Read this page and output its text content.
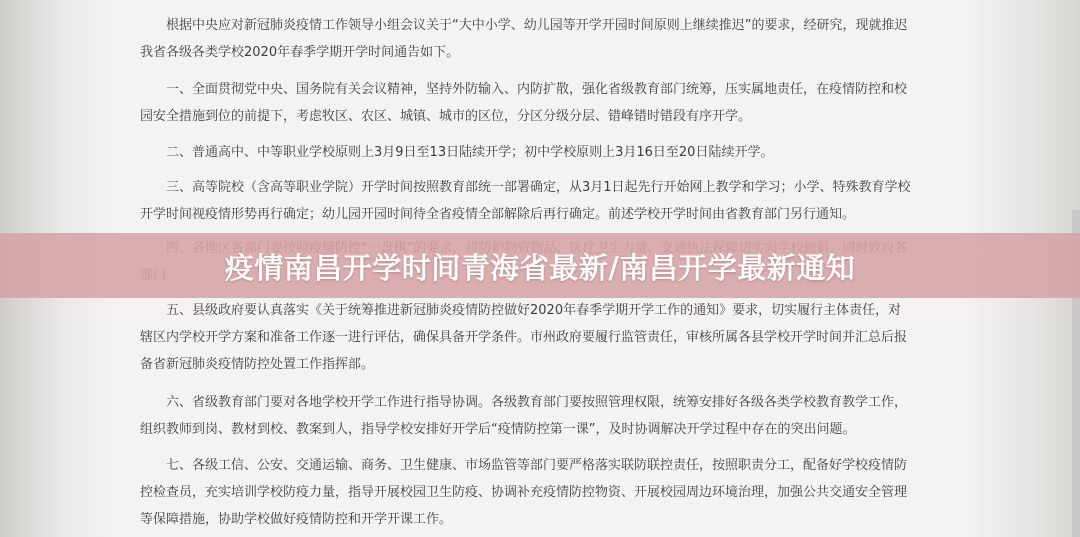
　　根据中央应对新冠肺炎疫情工作领导小组会议关于“大中小学、幼儿园等开学开园时间原则上继续推迟”的要求，经研究，现就推迟
我省各级各类学校2020年春季学期开学时间通告如下。

　　一、全面贯彻党中央、国务院有关会议精神，坚持外防输入、内防扩散，强化省级教育部门统筹，压实属地责任，在疫情防控和校
园安全措施到位的前提下，考虑牧区、农区、城镇、城市的区位，分区分级分层、错峰错时错段有序开学。

　　二、普通高中、中等职业学校原则上3月9日至13日陆续开学；初中学校原则上3月16日至20日陆续开学。

　　三、高等院校（含高等职业学院）开学时间按照教育部统一部署确定，从3月1日起先行开始网上教学和学习；小学、特殊教育学校
开学时间视疫情形势再行确定；幼儿园开园时间待全省疫情全部解除后再行确定。前述学校开学时间由省教育部门另行通知。

　　五、县级政府要认真落实《关于统筹推进新冠肺炎疫情防控做好2020年春季学期开学工作的通知》要求，切实履行主体责任，对
辖区内学校开学方案和准备工作逐一进行评估，确保具备开学条件。市州政府要履行监管责任，审核所属各县学校开学时间并汇总后报
备省新冠肺炎疫情防控处置工作指挥部。

　　六、省级教育部门要对各地学校开学工作进行指导协调。各级教育部门要按照管理权限，统筹安排好各级各类学校教育教学工作，
组织教师到岗、教材到校、教案到人，指导学校安排好开学后“疫情防控第一课”，及时协调解决开学过程中存在的突出问题。

　　七、各级工信、公安、交通运输、商务、卫生健康、市场监管等部门要严格落实联防联控责任，按照职责分工，配备好学校疫情防
控检查员，充实培训学校防疫力量，指导开展校园卫生防疫、协调补充疫情防控物资、开展校园周边环境治理，加强公共交通安全管理
等保障措施，协助学校做好疫情防控和开学开课工作。

疫情南昌开学时间青海省最新/南昌开学最新通知
